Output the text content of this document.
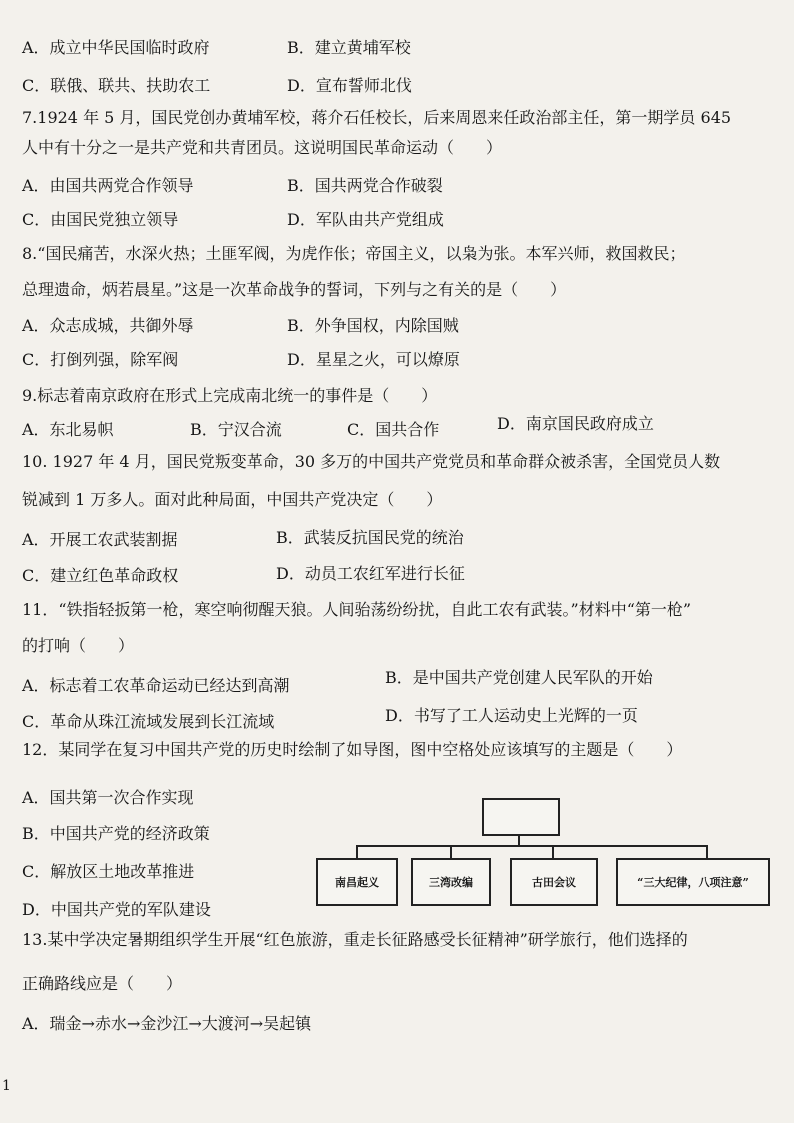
A．成立中华民国临时政府	B．建立黄埔军校
C．联俄、联共、扶助农工	D．宣布誓师北伐
7.1924 年 5 月，国民党创办黄埔军校，蒋介石任校长，后来周恩来任政治部主任，第一期学员 645
人中有十分之一是共产党和共青团员。这说明国民革命运动（　　）
A．由国共两党合作领导	B．国共两党合作破裂
C．由国民党独立领导	D．军队由共产党组成
8.“国民痛苦，水深火热；土匪军阀，为虎作伥；帝国主义，以枭为张。本军兴师，救国救民；
总理遗命，炳若晨星。”这是一次革命战争的誓词，下列与之有关的是（　　）
A．众志成城，共御外辱	B．外争国权，内除国贼
C．打倒列强，除军阀	D．星星之火，可以燎原
9.标志着南京政府在形式上完成南北统一的事件是（　　）
A．东北易帜	B．宁汉合流	C．国共合作	D．南京国民政府成立
10. 1927 年 4 月，国民党叛变革命，30 多万的中国共产党党员和革命群众被杀害，全国党员人数
锐减到 1 万多人。面对此种局面，中国共产党决定（　　）
A．开展工农武装割据	B．武装反抗国民党的统治
C．建立红色革命政权	D．动员工农红军进行长征
11．“铁指轻扳第一枪，寒空响彻醒天狼。人间骀荡纷纷扰，自此工农有武装。”材料中“第一枪”
的打响（　　）
A．标志着工农革命运动已经达到高潮	B．是中国共产党创建人民军队的开始
C．革命从珠江流域发展到长江流域	D．书写了工人运动史上光辉的一页
12．某同学在复习中国共产党的历史时绘制了如导图，图中空格处应该填写的主题是（　　）
A．国共第一次合作实现
B．中国共产党的经济政策
C．解放区土地改革推进
D．中国共产党的军队建设
南昌起义	三湾改编	古田会议	“三大纪律，八项注意”
13.某中学决定暑期组织学生开展“红色旅游，重走长征路感受长征精神”研学旅行，他们选择的
正确路线应是（　　）
A．瑞金→赤水→金沙江→大渡河→吴起镇
1
